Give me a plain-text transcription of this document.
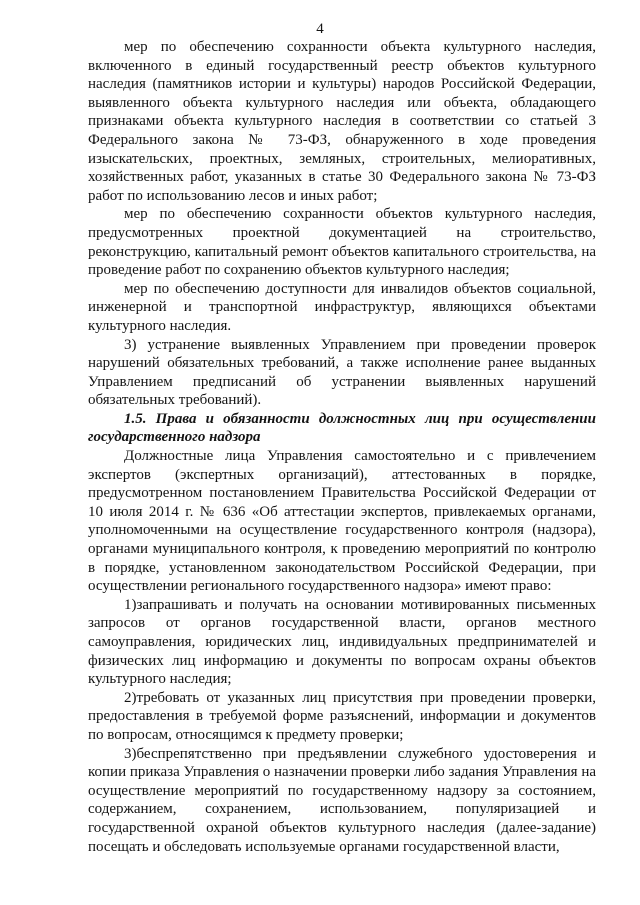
4

мер по обеспечению сохранности объекта культурного наследия, включенного в единый государственный реестр объектов культурного наследия (памятников истории и культуры) народов Российской Федерации, выявленного объекта культурного наследия или объекта, обладающего признаками объекта культурного наследия в соответствии со статьей 3 Федерального закона № 73-ФЗ, обнаруженного в ходе проведения изыскательских, проектных, земляных, строительных, мелиоративных, хозяйственных работ, указанных в статье 30 Федерального закона № 73-ФЗ работ по использованию лесов и иных работ;

мер по обеспечению сохранности объектов культурного наследия, предусмотренных проектной документацией на строительство, реконструкцию, капитальный ремонт объектов капитального строительства, на проведение работ по сохранению объектов культурного наследия;

мер по обеспечению доступности для инвалидов объектов социальной, инженерной и транспортной инфраструктур, являющихся объектами культурного наследия.

3) устранение выявленных Управлением при проведении проверок нарушений обязательных требований, а также исполнение ранее выданных Управлением предписаний об устранении выявленных нарушений обязательных требований).

1.5. Права и обязанности должностных лиц при осуществлении государственного надзора

Должностные лица Управления самостоятельно и с привлечением экспертов (экспертных организаций), аттестованных в порядке, предусмотренном постановлением Правительства Российской Федерации от 10 июля 2014 г. № 636 «Об аттестации экспертов, привлекаемых органами, уполномоченными на осуществление государственного контроля (надзора), органами муниципального контроля, к проведению мероприятий по контролю в порядке, установленном законодательством Российской Федерации, при осуществлении регионального государственного надзора» имеют право:

1)запрашивать и получать на основании мотивированных письменных запросов от органов государственной власти, органов местного самоуправления, юридических лиц, индивидуальных предпринимателей и физических лиц информацию и документы по вопросам охраны объектов культурного наследия;

2)требовать от указанных лиц присутствия при проведении проверки, предоставления в требуемой форме разъяснений, информации и документов по вопросам, относящимся к предмету проверки;

3)беспрепятственно при предъявлении служебного удостоверения и копии приказа Управления о назначении проверки либо задания Управления на осуществление мероприятий по государственному надзору за состоянием, содержанием, сохранением, использованием, популяризацией и государственной охраной объектов культурного наследия (далее-задание) посещать и обследовать используемые органами государственной власти,
